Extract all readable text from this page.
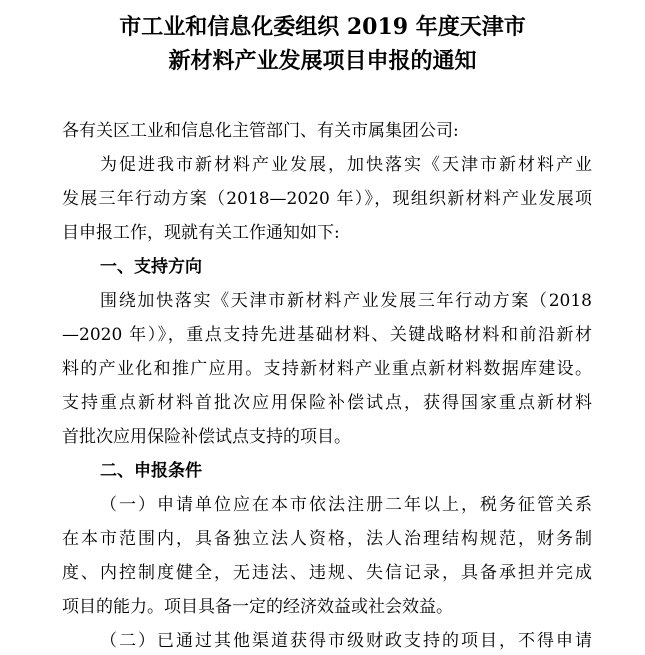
市工业和信息化委组织 2019 年度天津市
新材料产业发展项目申报的通知
各有关区工业和信息化主管部门、有关市属集团公司:
为促进我市新材料产业发展，加快落实《天津市新材料产业
发展三年行动方案（2018—2020 年）》，现组织新材料产业发展项
目申报工作，现就有关工作通知如下:
一、支持方向
围绕加快落实《天津市新材料产业发展三年行动方案（2018
—2020 年）》，重点支持先进基础材料、关键战略材料和前沿新材
料的产业化和推广应用。支持新材料产业重点新材料数据库建设。
支持重点新材料首批次应用保险补偿试点，获得国家重点新材料
首批次应用保险补偿试点支持的项目。
二、申报条件
（一）申请单位应在本市依法注册二年以上，税务征管关系
在本市范围内，具备独立法人资格，法人治理结构规范，财务制
度、内控制度健全，无违法、违规、失信记录，具备承担并完成
项目的能力。项目具备一定的经济效益或社会效益。
（二）已通过其他渠道获得市级财政支持的项目，不得申请
